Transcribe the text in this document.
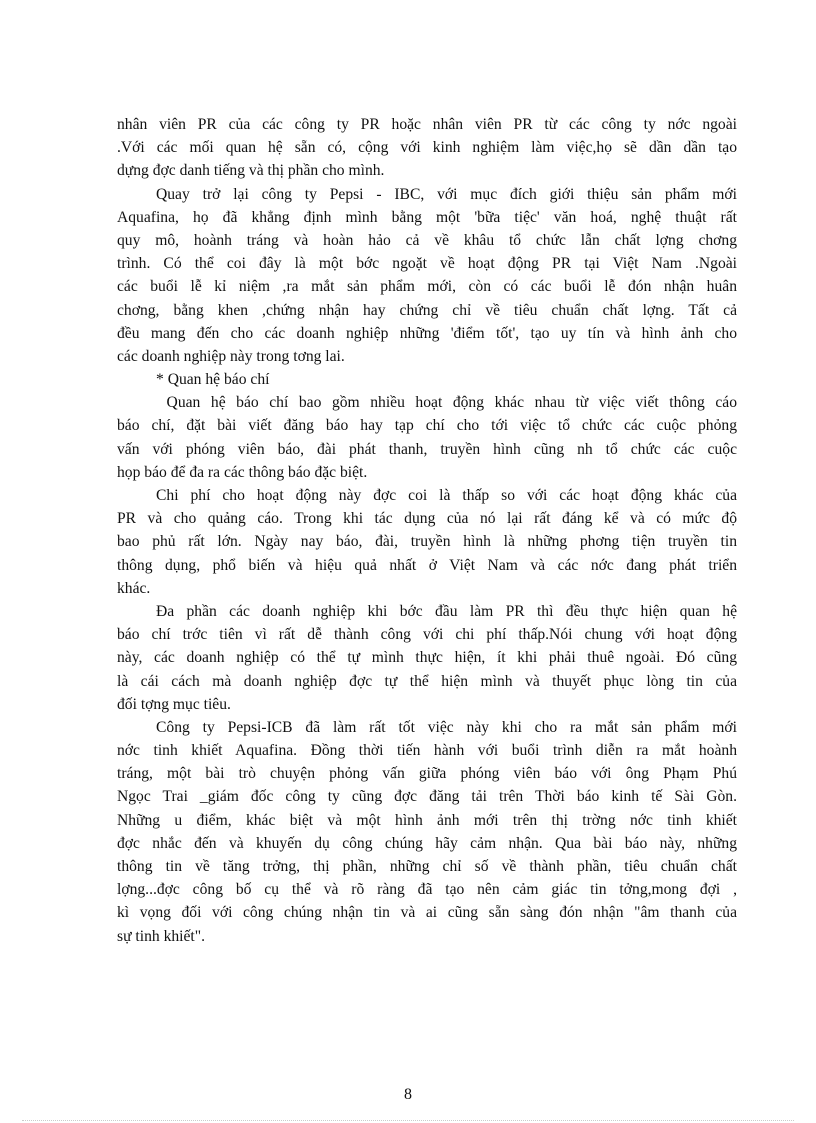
nhân viên PR của các công ty PR hoặc nhân viên PR từ các công ty nớc ngoài
.Với các mối quan hệ sẵn có, cộng với kinh nghiệm làm việc,họ sẽ dần dần tạo
dựng đợc danh tiếng và thị phần cho mình.
Quay trở lại công ty Pepsi - IBC, với mục đích giới thiệu sản phẩm mới
Aquafina, họ đã khẳng định mình bằng một 'bữa tiệc' văn hoá, nghệ thuật rất
quy mô, hoành tráng và hoàn hảo cả về khâu tổ chức lẫn chất lợng chơng
trình. Có thể coi đây là một bớc ngoặt về hoạt động PR tại Việt Nam .Ngoài
các buổi lễ kỉ niệm ,ra mắt sản phẩm mới, còn có các buổi lễ đón nhận huân
chơng, bằng khen ,chứng nhận hay chứng chỉ về tiêu chuẩn chất lợng. Tất cả
đều mang đến cho các doanh nghiệp những 'điểm tốt', tạo uy tín và hình ảnh cho
các doanh nghiệp này trong tơng lai.
* Quan hệ báo chí
Quan hệ báo chí bao gồm nhiều hoạt động khác nhau từ việc viết thông cáo
báo chí, đặt bài viết đăng báo hay tạp chí cho tới việc tổ chức các cuộc phỏng
vấn với phóng viên báo, đài phát thanh, truyền hình cũng nh tổ chức các cuộc
họp báo để đa ra các thông báo đặc biệt.
Chi phí cho hoạt động này đợc coi là thấp so với các hoạt động khác của
PR và cho quảng cáo. Trong khi tác dụng của nó lại rất đáng kể và có mức độ
bao phủ rất lớn. Ngày nay báo, đài, truyền hình là những phơng tiện truyền tin
thông dụng, phổ biến và hiệu quả nhất ở Việt Nam và các nớc đang phát triển
khác.
Đa phần các doanh nghiệp khi bớc đầu làm PR thì đều thực hiện quan hệ
báo chí trớc tiên vì rất dễ thành công với chi phí thấp.Nói chung với hoạt động
này, các doanh nghiệp có thể tự mình thực hiện, ít khi phải thuê ngoài. Đó cũng
là cái cách mà doanh nghiệp đợc tự thể hiện mình và thuyết phục lòng tin của
đối tợng mục tiêu.
Công ty Pepsi-ICB đã làm rất tốt việc này khi cho ra mắt sản phẩm mới
nớc tinh khiết Aquafina. Đồng thời tiến hành với buổi trình diễn ra mắt hoành
tráng, một bài trò chuyện phỏng vấn giữa phóng viên báo với ông Phạm Phú
Ngọc Trai _giám đốc công ty cũng đợc đăng tải trên Thời báo kinh tế Sài Gòn.
Những u điểm, khác biệt và một hình ảnh mới trên thị trờng nớc tinh khiết
đợc nhắc đến và khuyến dụ công chúng hãy cảm nhận. Qua bài báo này, những
thông tin về tăng trởng, thị phần, những chỉ số về thành phần, tiêu chuẩn chất
lợng...đợc công bố cụ thể và rõ ràng đã tạo nên cảm giác tin tởng,mong đợi ,
kì vọng đối với công chúng nhận tin và ai cũng sẵn sàng đón nhận "âm thanh của
sự tinh khiết".
8
